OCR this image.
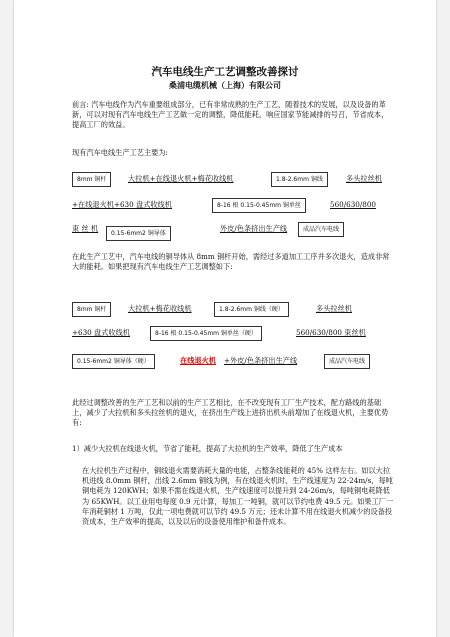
汽车电线生产工艺调整改善探讨
桑浦电缆机械（上海）有限公司

前言: 汽车电线作为汽车重要组成部分，已有非常成熟的生产工艺，随着技术的发展，以及设备的革新，可以对现有汽车电线生产工艺做一定的调整，降低能耗，响应国家节能减排的号召，节省成本，提高工厂的效益。

现有汽车电线生产工艺主要为:

8mm 铜杆	大拉机+在线退火机+梅花收线机	1.8-2.6mm 铜线	多头拉丝机
+在线退火机+630 盘式收线机	8-16 根 0.15-0.45mm 铜单丝	560/630/800
束 丝 机
0.15-6mm2 铜导体
外皮/色条挤出生产线	成品汽车电线

在此生产工艺中，汽车电线的铜导体从 8mm 铜杆开始，需经过多道加工工序并多次退火，造成非常大的能耗。如果把现有汽车电线生产工艺调整如下:

8mm 铜杆	大拉机+梅花收线机	1.8-2.6mm 铜线（硬）	多头拉丝机
+630 盘式收线机	8-16 根 0.15-0.45mm 铜单丝（硬）	560/630/800 束丝机
0.15-6mm2 铜导体（硬）	在线退火机 +外皮/色条挤出生产线	成品汽车电线

此经过调整改善的生产工艺和以前的生产工艺相比，在不改变现有工厂生产技术，配方路线的基础上，减少了大拉机和多头拉丝机的退火，在挤出生产线上进挤出机头前增加了在线退火机，主要优势有:

1）减少大拉机在线退火机，节省了能耗，提高了大拉机的生产效率，降低了生产成本

在大拉机生产过程中，铜线退火需要消耗大量的电能，占整条线能耗的 45% 这样左右。如以大拉机进线 8.0mm 铜杆，出线 2.6mm 铜线为例，有在线退火机时，生产线速度为 22-24m/s，每吨铜电耗为 120KWH；如果不需在线退火机，生产线速度可以提升到 24-26m/s，每吨铜电耗降低为 65KWH。以工业用电每度 0.9 元计算，每加工一吨铜，就可以节约电费 49.5 元。如果工厂一年消耗铜材 1 万吨，仅此一项电费就可以节约 49.5 万元；还未计算不用在线退火机减少的设备投资成本，生产效率的提高，以及以后的设备使用维护和备件成本。
